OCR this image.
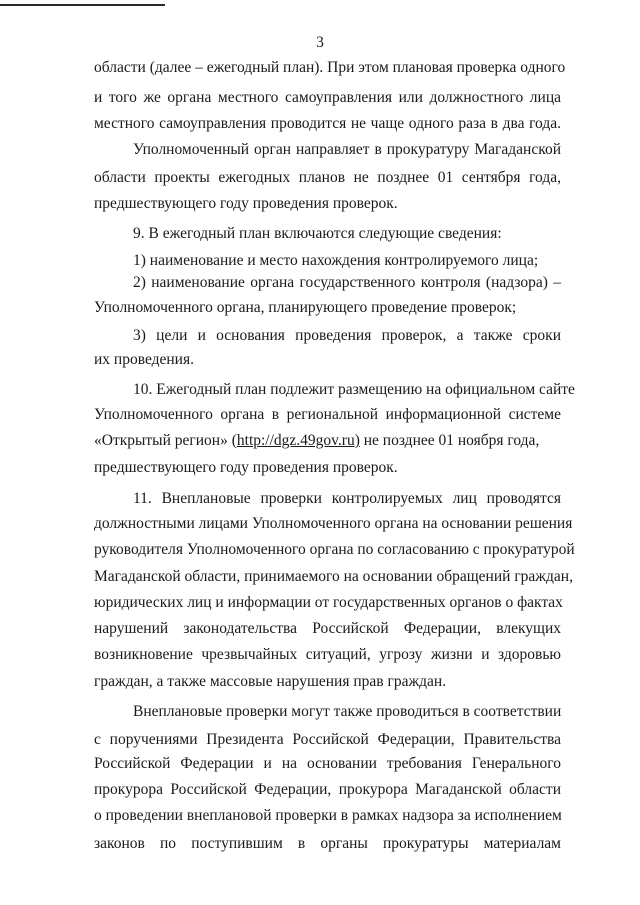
3
области (далее – ежегодный план). При этом плановая проверка одного
и того же органа местного самоуправления или должностного лица
местного самоуправления проводится не чаще одного раза в два года.
Уполномоченный орган направляет в прокуратуру Магаданской
области проекты ежегодных планов не позднее 01 сентября года,
предшествующего году проведения проверок.
9. В ежегодный план включаются следующие сведения:
1) наименование и место нахождения контролируемого лица;
2) наименование органа государственного контроля (надзора) –
Уполномоченного органа, планирующего проведение проверок;
3) цели и основания проведения проверок, а также сроки
их проведения.
10. Ежегодный план подлежит размещению на официальном сайте
Уполномоченного органа в региональной информационной системе
«Открытый регион» (http://dgz.49gov.ru) не позднее 01 ноября года,
предшествующего году проведения проверок.
11. Внеплановые проверки контролируемых лиц проводятся
должностными лицами Уполномоченного органа на основании решения
руководителя Уполномоченного органа по согласованию с прокуратурой
Магаданской области, принимаемого на основании обращений граждан,
юридических лиц и информации от государственных органов о фактах
нарушений законодательства Российской Федерации, влекущих
возникновение чрезвычайных ситуаций, угрозу жизни и здоровью
граждан, а также массовые нарушения прав граждан.
Внеплановые проверки могут также проводиться в соответствии
с поручениями Президента Российской Федерации, Правительства
Российской Федерации и на основании требования Генерального
прокурора Российской Федерации, прокурора Магаданской области
о проведении внеплановой проверки в рамках надзора за исполнением
законов по поступившим в органы прокуратуры материалам
